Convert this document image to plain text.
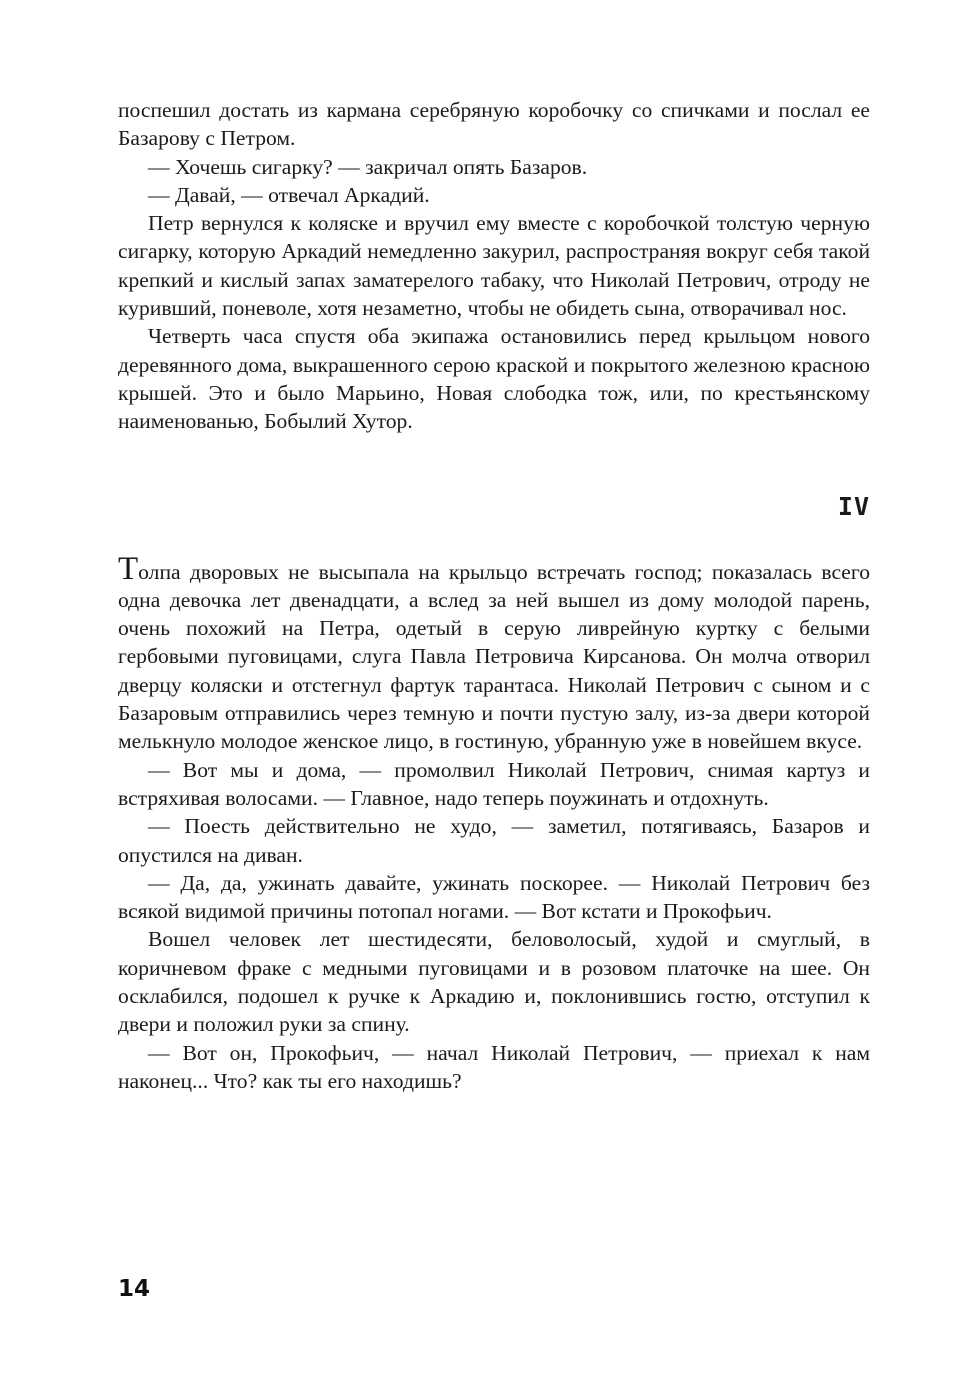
поспешил достать из кармана серебряную коробочку со спичками и послал ее Базарову с Петром.

— Хочешь сигарку? — закричал опять Базаров.

— Давай, — отвечал Аркадий.

Петр вернулся к коляске и вручил ему вместе с коробочкой толстую черную сигарку, которую Аркадий немедленно закурил, распространяя вокруг себя такой крепкий и кислый запах заматерелого табаку, что Николай Петрович, отроду не куривший, поневоле, хотя незаметно, чтобы не обидеть сына, отворачивал нос.

Четверть часа спустя оба экипажа остановились перед крыльцом нового деревянного дома, выкрашенного серою краской и покрытого железною красною крышей. Это и было Марьино, Новая слободка тож, или, по крестьянскому наименованью, Бобылий Хутор.

IV

Толпа дворовых не высыпала на крыльцо встречать господ; показалась всего одна девочка лет двенадцати, а вслед за ней вышел из дому молодой парень, очень похожий на Петра, одетый в серую ливрейную куртку с белыми гербовыми пуговицами, слуга Павла Петровича Кирсанова. Он молча отворил дверцу коляски и отстегнул фартук тарантаса. Николай Петрович с сыном и с Базаровым отправились через темную и почти пустую залу, из-за двери которой мелькнуло молодое женское лицо, в гостиную, убранную уже в новейшем вкусе.

— Вот мы и дома, — промолвил Николай Петрович, снимая картуз и встряхивая волосами. — Главное, надо теперь поужинать и отдохнуть.

— Поесть действительно не худо, — заметил, потягиваясь, Базаров и опустился на диван.

— Да, да, ужинать давайте, ужинать поскорее. — Николай Петрович без всякой видимой причины потопал ногами. — Вот кстати и Прокофьич.

Вошел человек лет шестидесяти, беловолосый, худой и смуглый, в коричневом фраке с медными пуговицами и в розовом платочке на шее. Он осклабился, подошел к ручке к Аркадию и, поклонившись гостю, отступил к двери и положил руки за спину.

— Вот он, Прокофьич, — начал Николай Петрович, — приехал к нам наконец... Что? как ты его находишь?

14
